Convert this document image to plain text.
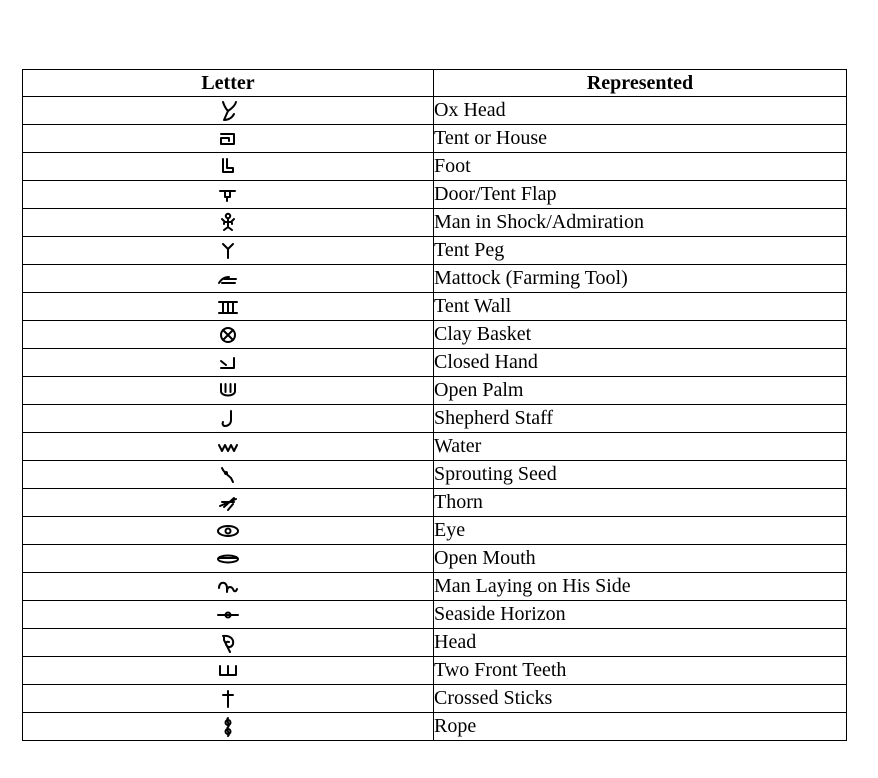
Letter	Represented

	Ox Head

	Tent or House

	Foot

	Door/Tent Flap

	Man in Shock/Admiration

	Tent Peg

	Mattock (Farming Tool)

	Tent Wall

	Clay Basket

	Closed Hand

	Open Palm

	Shepherd Staff

	Water

	Sprouting Seed

	Thorn

	Eye

	Open Mouth

	Man Laying on His Side

	Seaside Horizon

	Head

	Two Front Teeth

	Crossed Sticks

	Rope
